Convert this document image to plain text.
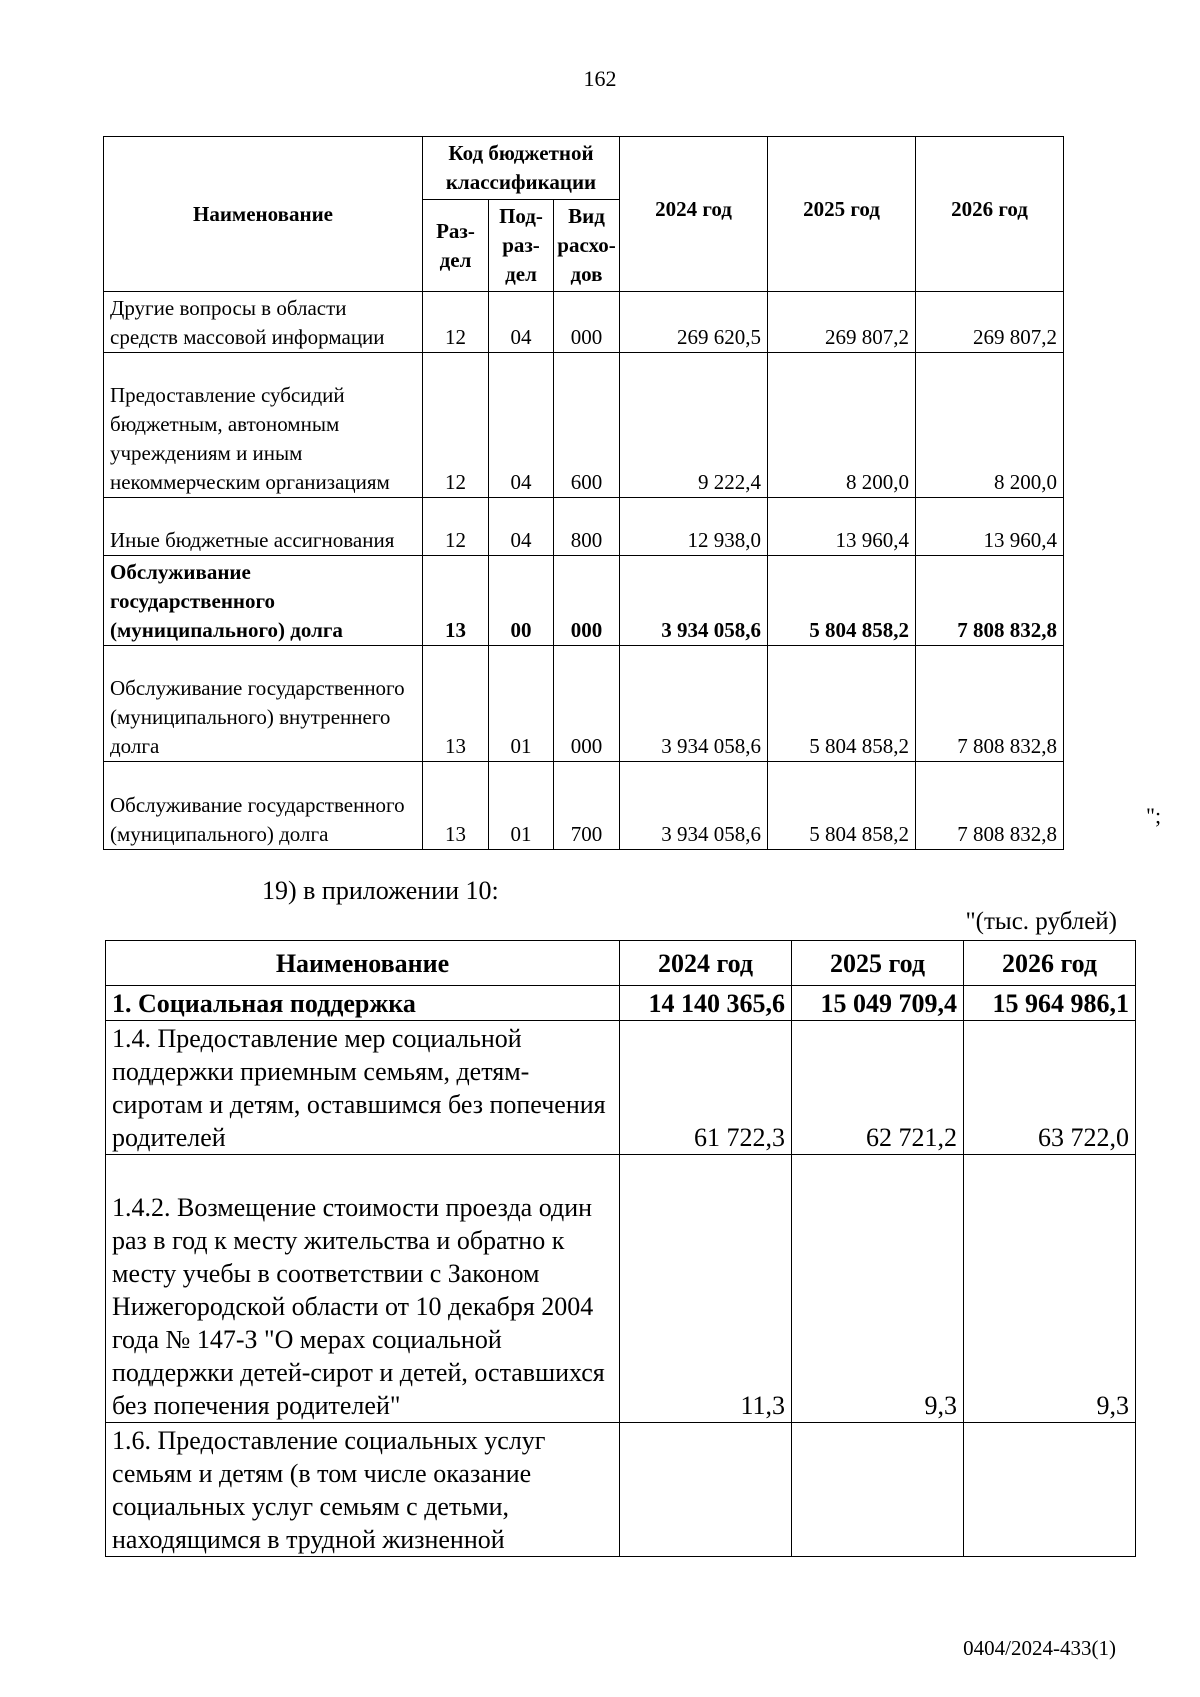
162
Наименование	Код бюджетной классификации			2024 год	2025 год	2026 год
	Раз-дел	Под-раз-дел	Вид расхо-дов			
Другие вопросы в области средств массовой информации	12	04	000	269 620,5	269 807,2	269 807,2
Предоставление субсидий бюджетным, автономным учреждениям и иным некоммерческим организациям	12	04	600	9 222,4	8 200,0	8 200,0
Иные бюджетные ассигнования	12	04	800	12 938,0	13 960,4	13 960,4
Обслуживание государственного (муниципального) долга	13	00	000	3 934 058,6	5 804 858,2	7 808 832,8
Обслуживание государственного (муниципального) внутреннего долга	13	01	000	3 934 058,6	5 804 858,2	7 808 832,8
Обслуживание государственного (муниципального) долга	13	01	700	3 934 058,6	5 804 858,2	7 808 832,8
";
19) в приложении 10:
"(тыс. рублей)
Наименование	2024 год	2025 год	2026 год
1. Социальная поддержка	14 140 365,6	15 049 709,4	15 964 986,1
1.4. Предоставление мер социальной поддержки приемным семьям, детям-сиротам и детям, оставшимся без попечения родителей	61 722,3	62 721,2	63 722,0
1.4.2. Возмещение стоимости проезда один раз в год к месту жительства и обратно к месту учебы в соответствии с Законом Нижегородской области от 10 декабря 2004 года № 147-З "О мерах социальной поддержки детей-сирот и детей, оставшихся без попечения родителей"	11,3	9,3	9,3
1.6. Предоставление социальных услуг семьям и детям (в том числе оказание социальных услуг семьям с детьми, находящимся в трудной жизненной			
0404/2024-433(1)
